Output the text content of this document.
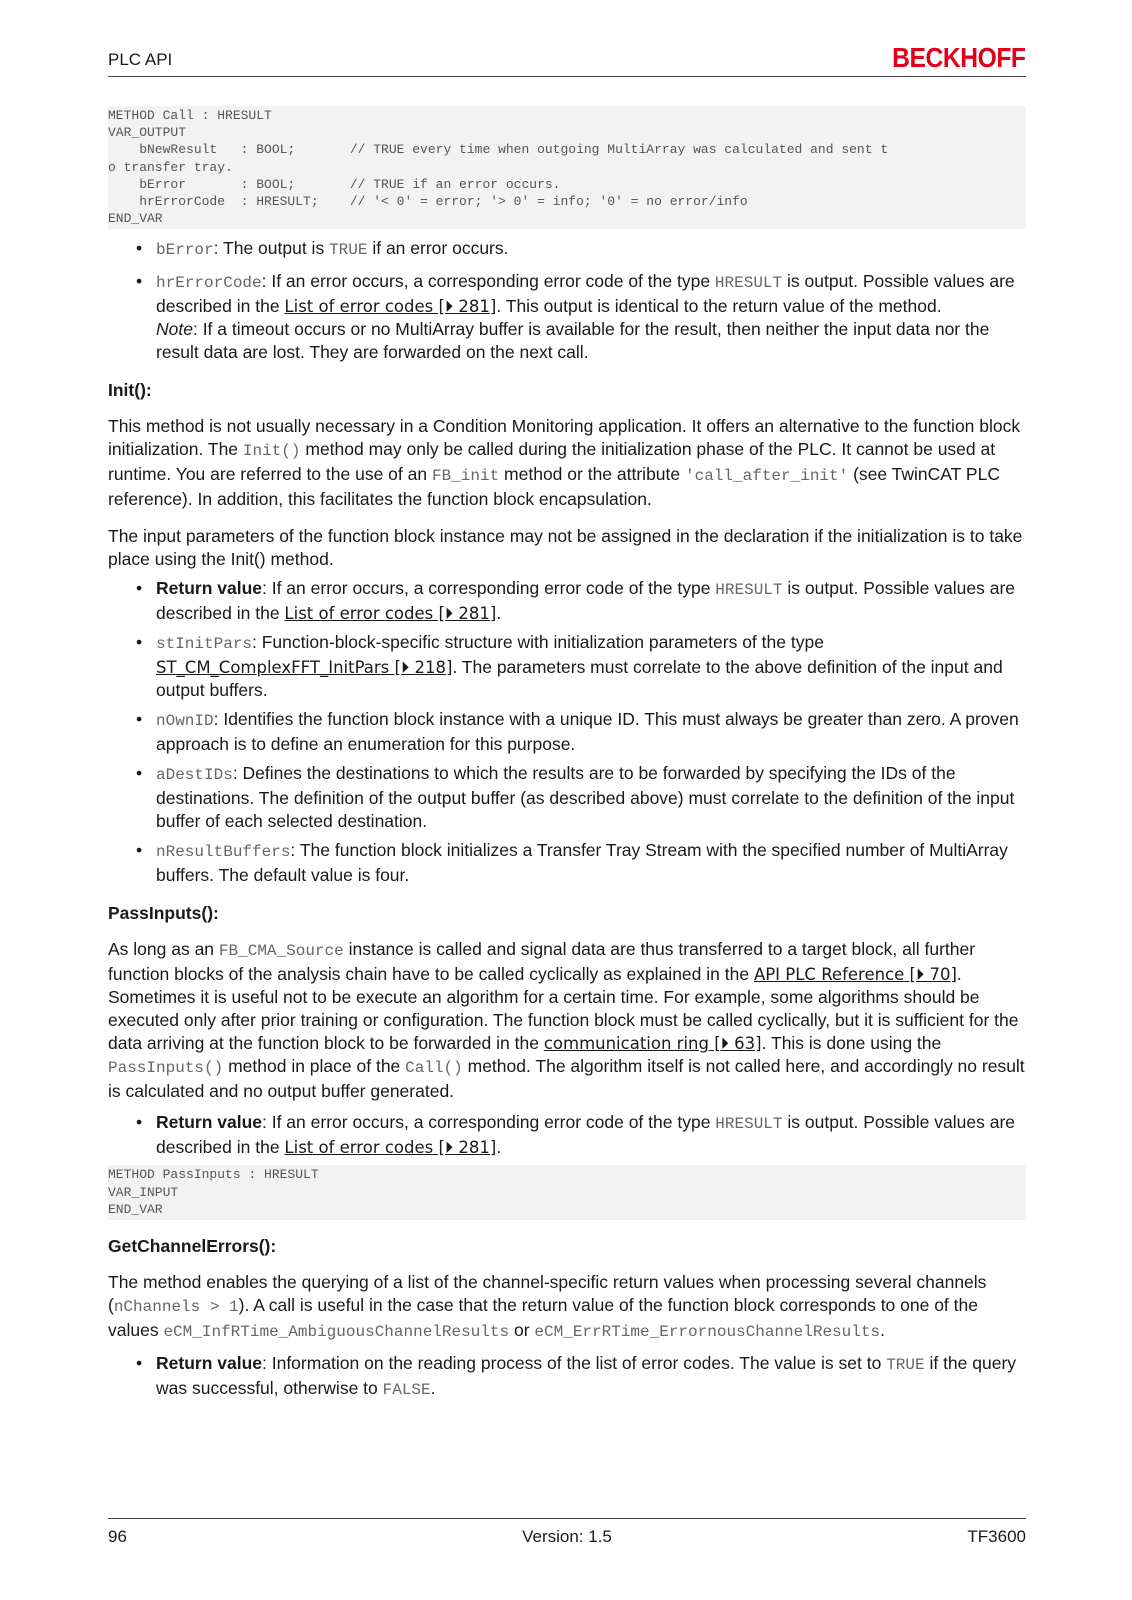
PLC API	BECKHOFF
METHOD Call : HRESULT
VAR_OUTPUT
bNewResult   : BOOL;       // TRUE every time when outgoing MultiArray was calculated and sent t
o transfer tray.
bError       : BOOL;       // TRUE if an error occurs.
hrErrorCode  : HRESULT;    // '< 0' = error; '> 0' = info; '0' = no error/info
END_VAR
• bError: The output is TRUE if an error occurs.
• hrErrorCode: If an error occurs, a corresponding error code of the type HRESULT is output. Possible values are described in the List of error codes [⏵ 281]. This output is identical to the return value of the method.
Note: If a timeout occurs or no MultiArray buffer is available for the result, then neither the input data nor the result data are lost. They are forwarded on the next call.
Init():

This method is not usually necessary in a Condition Monitoring application. It offers an alternative to the function block initialization. The Init() method may only be called during the initialization phase of the PLC. It cannot be used at runtime. You are referred to the use of an FB_init method or the attribute 'call_after_init' (see TwinCAT PLC reference). In addition, this facilitates the function block encapsulation.

The input parameters of the function block instance may not be assigned in the declaration if the initialization is to take place using the Init() method.

• Return value: If an error occurs, a corresponding error code of the type HRESULT is output. Possible values are described in the List of error codes [⏵ 281].
• stInitPars: Function-block-specific structure with initialization parameters of the type ST_CM_ComplexFFT_InitPars [⏵ 218]. The parameters must correlate to the above definition of the input and output buffers.
• nOwnID: Identifies the function block instance with a unique ID. This must always be greater than zero. A proven approach is to define an enumeration for this purpose.
• aDestIDs: Defines the destinations to which the results are to be forwarded by specifying the IDs of the destinations. The definition of the output buffer (as described above) must correlate to the definition of the input buffer of each selected destination.
• nResultBuffers: The function block initializes a Transfer Tray Stream with the specified number of MultiArray buffers. The default value is four.
PassInputs():

As long as an FB_CMA_Source instance is called and signal data are thus transferred to a target block, all further function blocks of the analysis chain have to be called cyclically as explained in the API PLC Reference [⏵ 70].

Sometimes it is useful not to be execute an algorithm for a certain time. For example, some algorithms should be executed only after prior training or configuration. The function block must be called cyclically, but it is sufficient for the data arriving at the function block to be forwarded in the communication ring [⏵ 63]. This is done using the PassInputs() method in place of the Call() method. The algorithm itself is not called here, and accordingly no result is calculated and no output buffer generated.

• Return value: If an error occurs, a corresponding error code of the type HRESULT is output. Possible values are described in the List of error codes [⏵ 281].
METHOD PassInputs : HRESULT
VAR_INPUT
END_VAR
GetChannelErrors():

The method enables the querying of a list of the channel-specific return values when processing several channels (nChannels > 1). A call is useful in the case that the return value of the function block corresponds to one of the values eCM_InfRTime_AmbiguousChannelResults or eCM_ErrRTime_ErrornousChannelResults.

• Return value: Information on the reading process of the list of error codes. The value is set to TRUE if the query was successful, otherwise to FALSE.
96	Version: 1.5	TF3600
